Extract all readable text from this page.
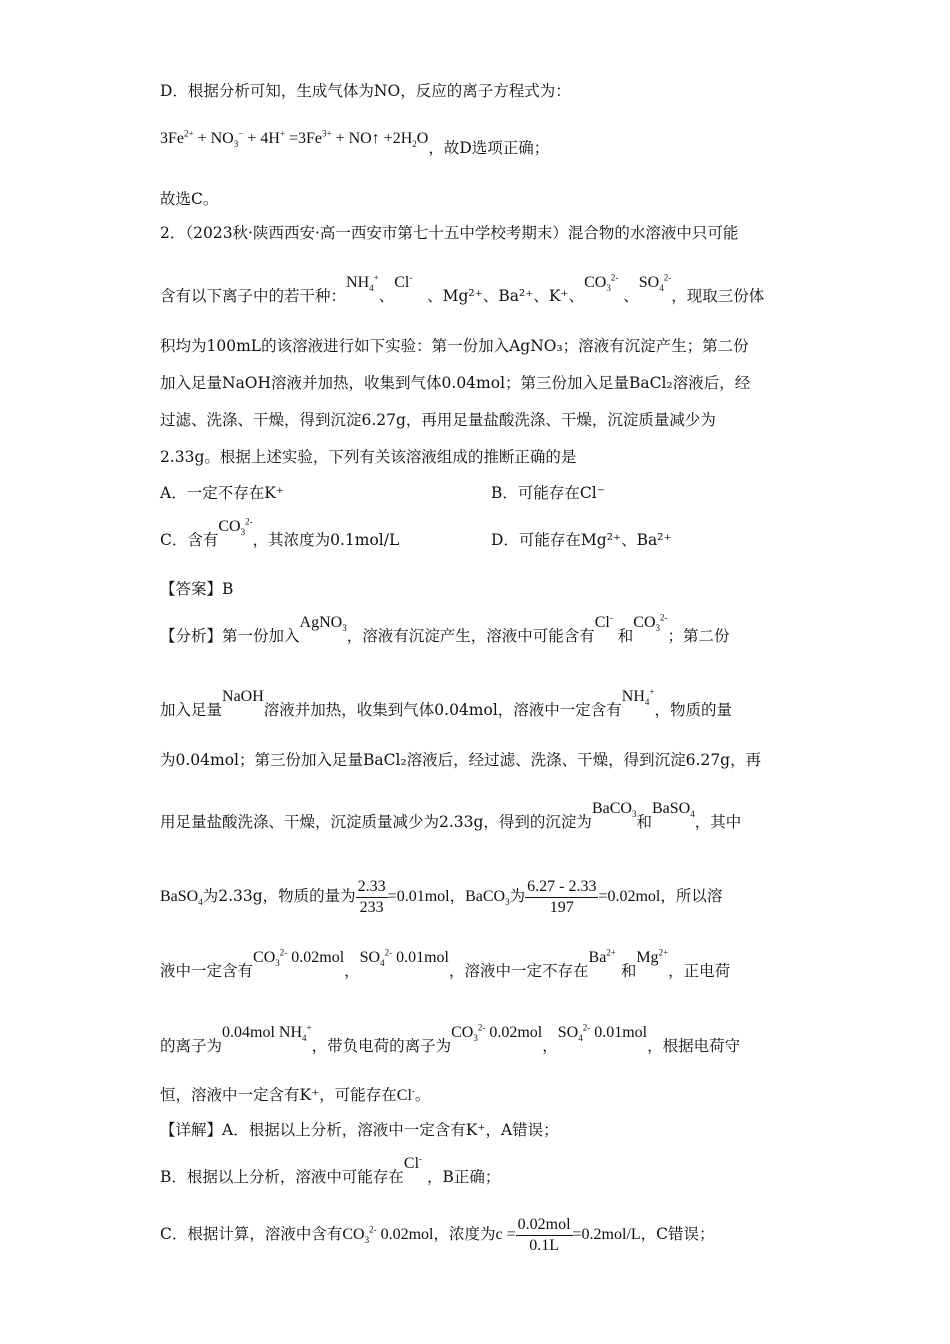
D．根据分析可知，生成气体为NO，反应的离子方程式为：
$3Fe^{2+} + NO_3^- + 4H^+ =3Fe^{3+}$ + NO↑ $+2H_2O$，故D选项正确；
故选C。
2．（2023秋·陕西西安·高一西安市第七十五中学校考期末）混合物的水溶液中只可能
含有以下离子中的若干种：$NH_4^+$、Cl-   、Mg²⁺、Ba²⁺、K⁺、$CO_3^{2-}$ 、$SO_4^{2-}$，现取三份体
积均为100mL的该溶液进行如下实验：第一份加入AgNO₃；溶液有沉淀产生；第二份
加入足量NaOH溶液并加热，收集到气体0.04mol；第三份加入足量BaCl₂溶液后，经
过滤、洗涤、干燥，得到沉淀6.27g，再用足量盐酸洗涤、干燥，沉淀质量减少为
2.33g。根据上述实验，下列有关该溶液组成的推断正确的是
A．一定不存在K⁺	B．可能存在Cl⁻
C．含有$CO_3^{2-}$，其浓度为0.1mol/L	D．可能存在Mg²⁺、Ba²⁺
【答案】B
【分析】第一份加入AgNO$_3$，溶液有沉淀产生，溶液中可能含有Cl- 和$CO_3^{2-}$；第二份
加入足量NaOH溶液并加热，收集到气体0.04mol，溶液中一定含有$NH_4^+$，物质的量
为0.04mol；第三份加入足量BaCl₂溶液后，经过滤、洗涤、干燥，得到沉淀6.27g，再
用足量盐酸洗涤、干燥，沉淀质量减少为2.33g，得到的沉淀为BaCO$_3$和BaSO$_4$，其中
BaSO$_4$为2.33g，物质的量为 $\frac{2.33}{233} =0.01mol$，BaCO$_3$为 $\frac{6.27 - 2.33}{197} =0.02mol$，所以溶
液中一定含有$CO_3^{2-}$ 0.02mol，$SO_4^{2-}$ 0.01mol，溶液中一定不存在$Ba^{2+}$ 和$Mg^{2+}$，正电荷
的离子为0.04mol $NH_4^+$，带负电荷的离子为$CO_3^{2-}$ 0.02mol，$SO_4^{2-}$ 0.01mol，根据电荷守
恒，溶液中一定含有K⁺，可能存在Cl-。
【详解】A．根据以上分析，溶液中一定含有K⁺，A错误；
B．根据以上分析，溶液中可能存在Cl- ，B正确；
C．根据计算，溶液中含有$CO_3^{2-}$ 0.02mol，浓度为$c = \frac{\text{0.02mol}}{0.1L} =0.2mol/L$，C错误；
